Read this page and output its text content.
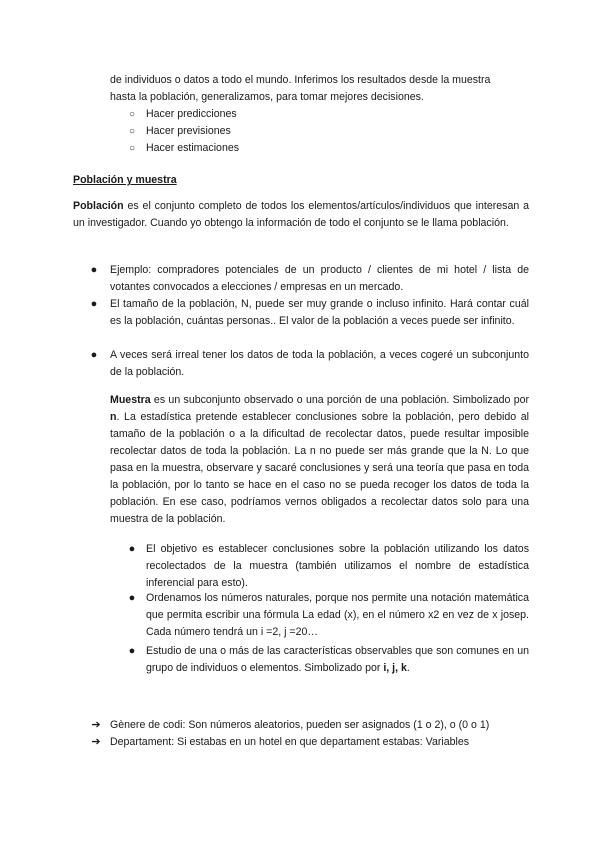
de individuos o datos a todo el mundo. Inferimos los resultados desde la muestra

hasta la población, generalizamos, para tomar mejores decisiones.

○ Hacer predicciones

○ Hacer previsiones

○ Hacer estimaciones

Población y muestra

Población es el conjunto completo de todos los elementos/artículos/individuos que interesan a un investigador. Cuando yo obtengo la información de todo el conjunto se le llama población.

● Ejemplo: compradores potenciales de un producto / clientes de mi hotel / lista de votantes convocados a elecciones / empresas en un mercado.

● El tamaño de la población, N, puede ser muy grande o incluso infinito. Hará contar cuál es la población, cuántas personas.. El valor de la población a veces puede ser infinito.

● A veces será irreal tener los datos de toda la población, a veces cogeré un subconjunto de la población.

Muestra es un subconjunto observado o una porción de una población. Simbolizado por n. La estadística pretende establecer conclusiones sobre la población, pero debido al tamaño de la población o a la dificultad de recolectar datos, puede resultar imposible recolectar datos de toda la población. La n no puede ser más grande que la N. Lo que pasa en la muestra, observare y sacaré conclusiones y será una teoría que pasa en toda la población, por lo tanto se hace en el caso no se pueda recoger los datos de toda la población. En ese caso, podríamos vernos obligados a recolectar datos solo para una muestra de la población.

● El objetivo es establecer conclusiones sobre la población utilizando los datos recolectados de la muestra (también utilizamos el nombre de estadística inferencial para esto).

● Ordenamos los números naturales, porque nos permite una notación matemática que permita escribir una fórmula La edad (x), en el número x2 en vez de x josep. Cada número tendrá un i =2, j =20…

● Estudio de una o más de las características observables que son comunes en un grupo de individuos o elementos. Simbolizado por i, j, k.

➔ Gènere de codi: Son números aleatorios, pueden ser asignados (1 o 2), o (0 o 1)

➔ Departament: Si estabas en un hotel en que departament estabas: Variables
